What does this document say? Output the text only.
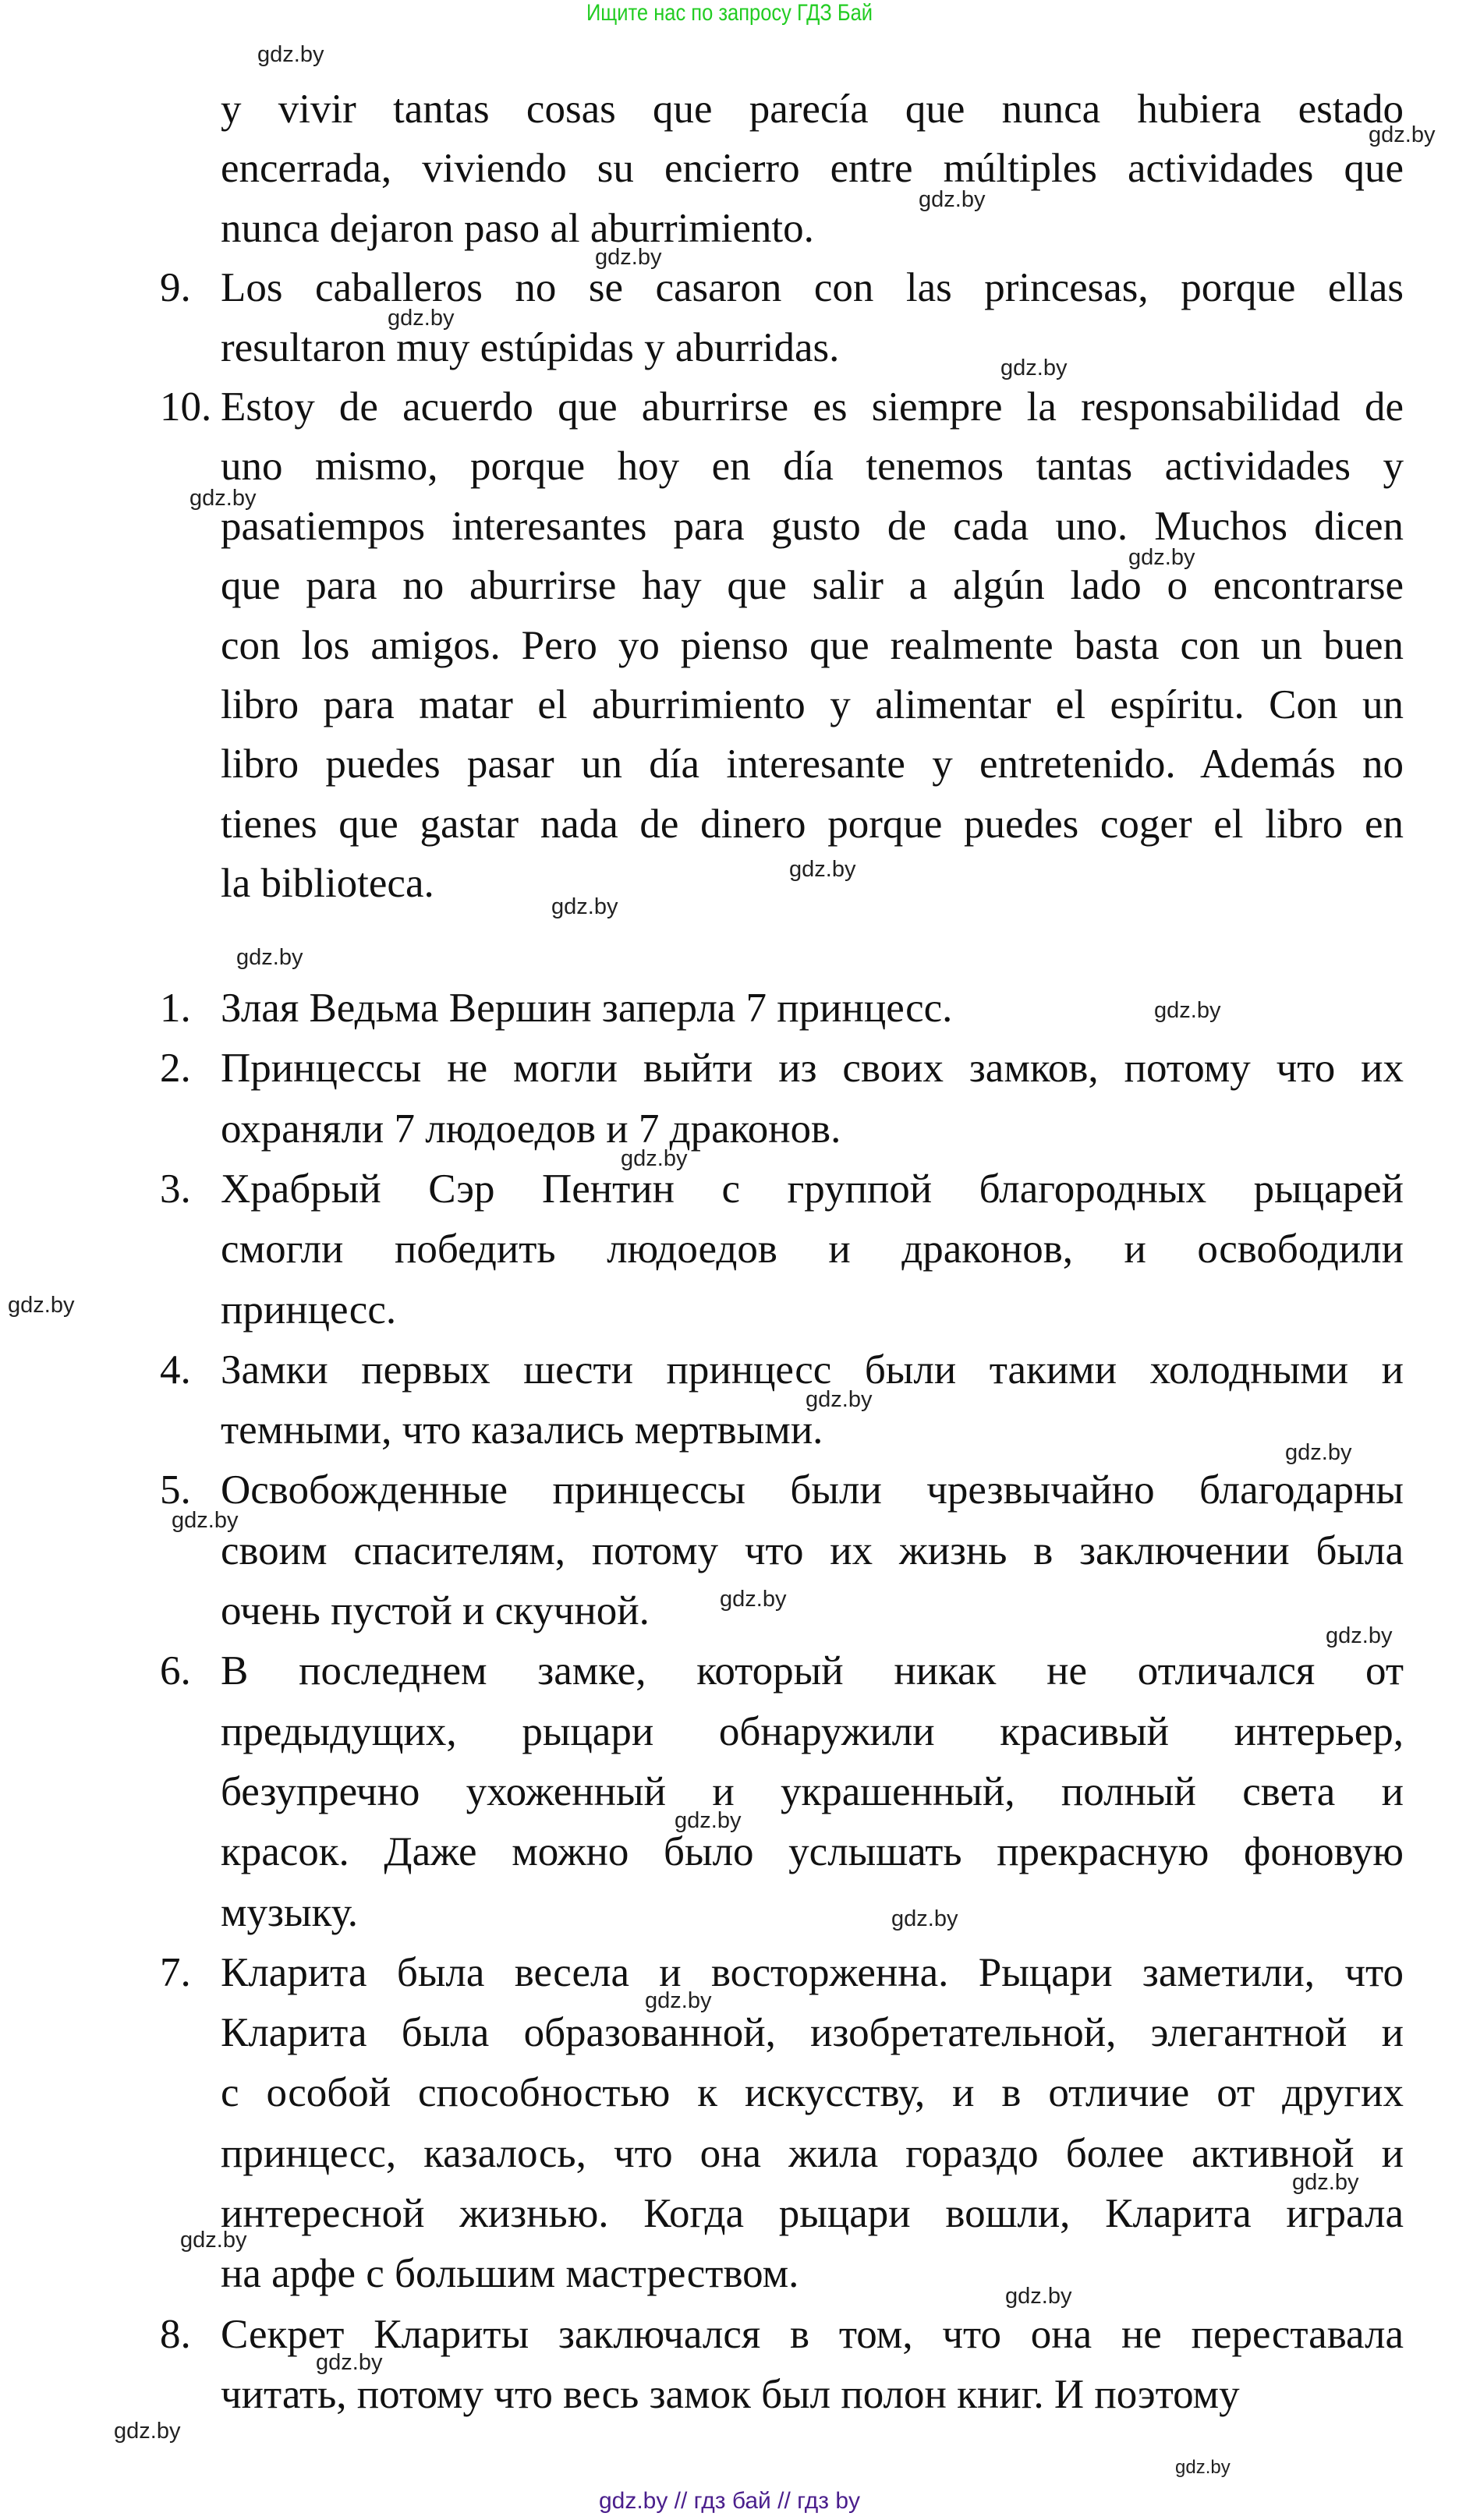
Ищите нас по запросу ГДЗ Бай
y vivir tantas cosas que parecía que nunca hubiera estado
encerrada, viviendo su encierro entre múltiples actividades que
nunca dejaron paso al aburrimiento.
9. Los caballeros no se casaron con las princesas, porque ellas
resultaron muy estúpidas y aburridas.
10. Estoy de acuerdo que aburrirse es siempre la responsabilidad de
uno mismo, porque hoy en día tenemos tantas actividades y
pasatiempos interesantes para gusto de cada uno. Muchos dicen
que para no aburrirse hay que salir a algún lado o encontrarse
con los amigos. Pero yo pienso que realmente basta con un buen
libro para matar el aburrimiento y alimentar el espíritu. Con un
libro puedes pasar un día interesante y entretenido. Además no
tienes que gastar nada de dinero porque puedes coger el libro en
la biblioteca.
1. Злая Ведьма Вершин заперла 7 принцесс.
2. Принцессы не могли выйти из своих замков, потому что их
охраняли 7 людоедов и 7 драконов.
3. Храбрый Сэр Пентин с группой благородных рыцарей
смогли победить людоедов и драконов, и освободили
принцесс.
4. Замки первых шести принцесс были такими холодными и
темными, что казались мертвыми.
5. Освобожденные принцессы были чрезвычайно благодарны
своим спасителям, потому что их жизнь в заключении была
очень пустой и скучной.
6. В последнем замке, который никак не отличался от
предыдущих, рыцари обнаружили красивый интерьер,
безупречно ухоженный и украшенный, полный света и
красок. Даже можно было услышать прекрасную фоновую
музыку.
7. Кларита была весела и восторженна. Рыцари заметили, что
Кларита была образованной, изобретательной, элегантной и
с особой способностью к искусству, и в отличие от других
принцесс, казалось, что она жила гораздо более активной и
интересной жизнью. Когда рыцари вошли, Кларита играла
на арфе с большим мастреством.
8. Секрет Клариты заключался в том, что она не переставала
читать, потому что весь замок был полон книг. И поэтому
gdz.by
gdz.by
gdz.by
gdz.by
gdz.by
gdz.by
gdz.by
gdz.by
gdz.by
gdz.by
gdz.by
gdz.by
gdz.by
gdz.by
gdz.by
gdz.by
gdz.by
gdz.by
gdz.by
gdz.by
gdz.by
gdz.by
gdz.by
gdz.by
gdz.by
gdz.by
gdz.by
gdz.by
gdz.by // гдз бай // гдз by
